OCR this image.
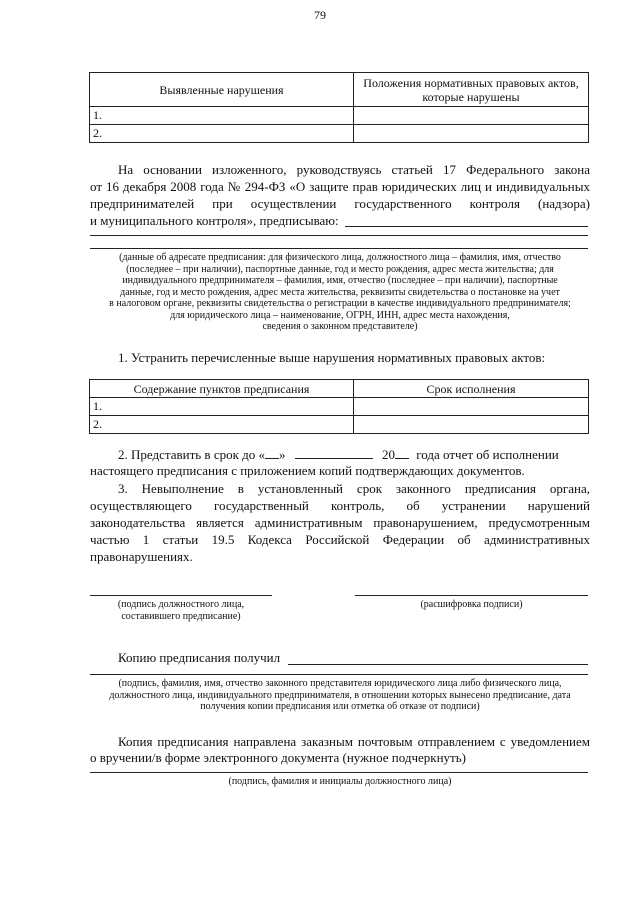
79
Выявленные нарушения	Положения нормативных правовых актов, которые нарушены
1.	
2.	
На основании изложенного, руководствуясь статьей 17 Федерального закона
от 16 декабря 2008 года № 294-ФЗ «О защите прав юридических лиц и индивидуальных
предпринимателей при осуществлении государственного контроля (надзора)
и муниципального контроля», предписываю:
(данные об адресате предписания: для физического лица, должностного лица – фамилия, имя, отчество
(последнее – при наличии), паспортные данные, год и место рождения, адрес места жительства; для
индивидуального предпринимателя – фамилия, имя, отчество (последнее – при наличии), паспортные
данные, год и место рождения, адрес места жительства, реквизиты свидетельства о постановке на учет
в налоговом органе, реквизиты свидетельства о регистрации в качестве индивидуального предпринимателя;
для юридического лица – наименование, ОГРН, ИНН, адрес места нахождения,
сведения о законном представителе)
1. Устранить перечисленные выше нарушения нормативных правовых актов:
Содержание пунктов предписания	Срок исполнения
1.	
2.	
2. Представить в срок до « »	20 года отчет об исполнении
настоящего предписания с приложением копий подтверждающих документов.
3. Невыполнение в установленный срок законного предписания органа,
осуществляющего государственный контроль, об устранении нарушений
законодательства является административным правонарушением, предусмотренным
частью 1 статьи 19.5 Кодекса Российской Федерации об административных
правонарушениях.
(подпись должностного лица,
составившего предписание)
(расшифровка подписи)
Копию предписания получил
(подпись, фамилия, имя, отчество законного представителя юридического лица либо физического лица,
должностного лица, индивидуального предпринимателя, в отношении которых вынесено предписание, дата
получения копии предписания или отметка об отказе от подписи)
Копия предписания направлена заказным почтовым отправлением с уведомлением
о вручении/в форме электронного документа (нужное подчеркнуть)
(подпись, фамилия и инициалы должностного лица)
